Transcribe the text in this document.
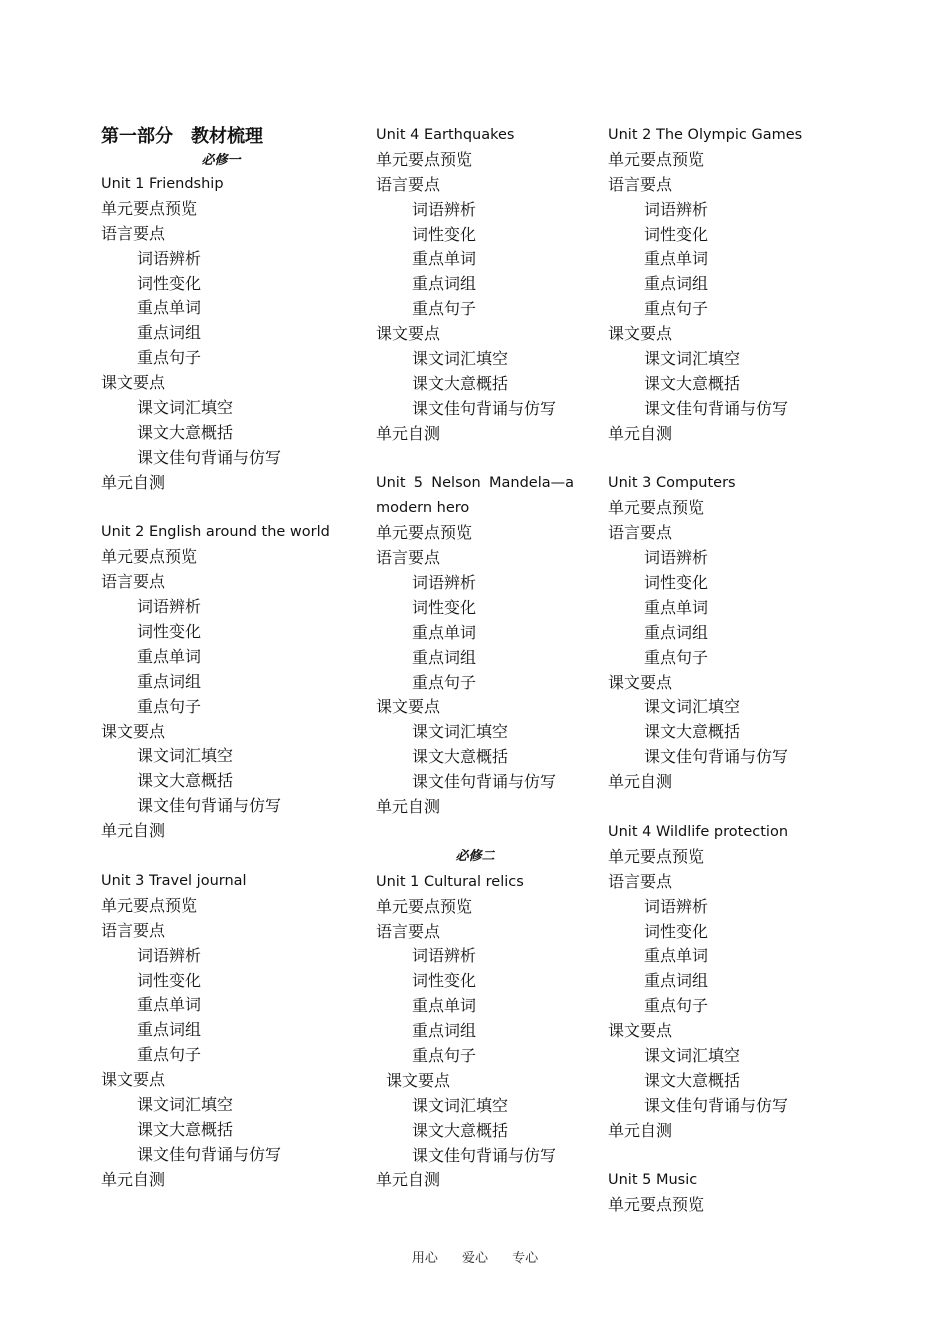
第一部分　教材梳理
必修一
Unit 1 Friendship
单元要点预览
语言要点
词语辨析
词性变化
重点单词
重点词组
重点句子
课文要点
课文词汇填空
课文大意概括
课文佳句背诵与仿写
单元自测
Unit 2 English around the world
单元要点预览
语言要点
词语辨析
词性变化
重点单词
重点词组
重点句子
课文要点
课文词汇填空
课文大意概括
课文佳句背诵与仿写
单元自测
Unit 3 Travel journal
单元要点预览
语言要点
词语辨析
词性变化
重点单词
重点词组
重点句子
课文要点
课文词汇填空
课文大意概括
课文佳句背诵与仿写
单元自测
Unit 4 Earthquakes
单元要点预览
语言要点
词语辨析
词性变化
重点单词
重点词组
重点句子
课文要点
课文词汇填空
课文大意概括
课文佳句背诵与仿写
单元自测
Unit 5 Nelson Mandela—a
modern hero
单元要点预览
语言要点
词语辨析
词性变化
重点单词
重点词组
重点句子
课文要点
课文词汇填空
课文大意概括
课文佳句背诵与仿写
单元自测
必修二
Unit 1 Cultural relics
单元要点预览
语言要点
词语辨析
词性变化
重点单词
重点词组
重点句子
课文要点
课文词汇填空
课文大意概括
课文佳句背诵与仿写
单元自测
Unit 2 The Olympic Games
单元要点预览
语言要点
词语辨析
词性变化
重点单词
重点词组
重点句子
课文要点
课文词汇填空
课文大意概括
课文佳句背诵与仿写
单元自测
Unit 3 Computers
单元要点预览
语言要点
词语辨析
词性变化
重点单词
重点词组
重点句子
课文要点
课文词汇填空
课文大意概括
课文佳句背诵与仿写
单元自测
Unit 4 Wildlife protection
单元要点预览
语言要点
词语辨析
词性变化
重点单词
重点词组
重点句子
课文要点
课文词汇填空
课文大意概括
课文佳句背诵与仿写
单元自测
Unit 5 Music
单元要点预览
用心 爱心 专心
